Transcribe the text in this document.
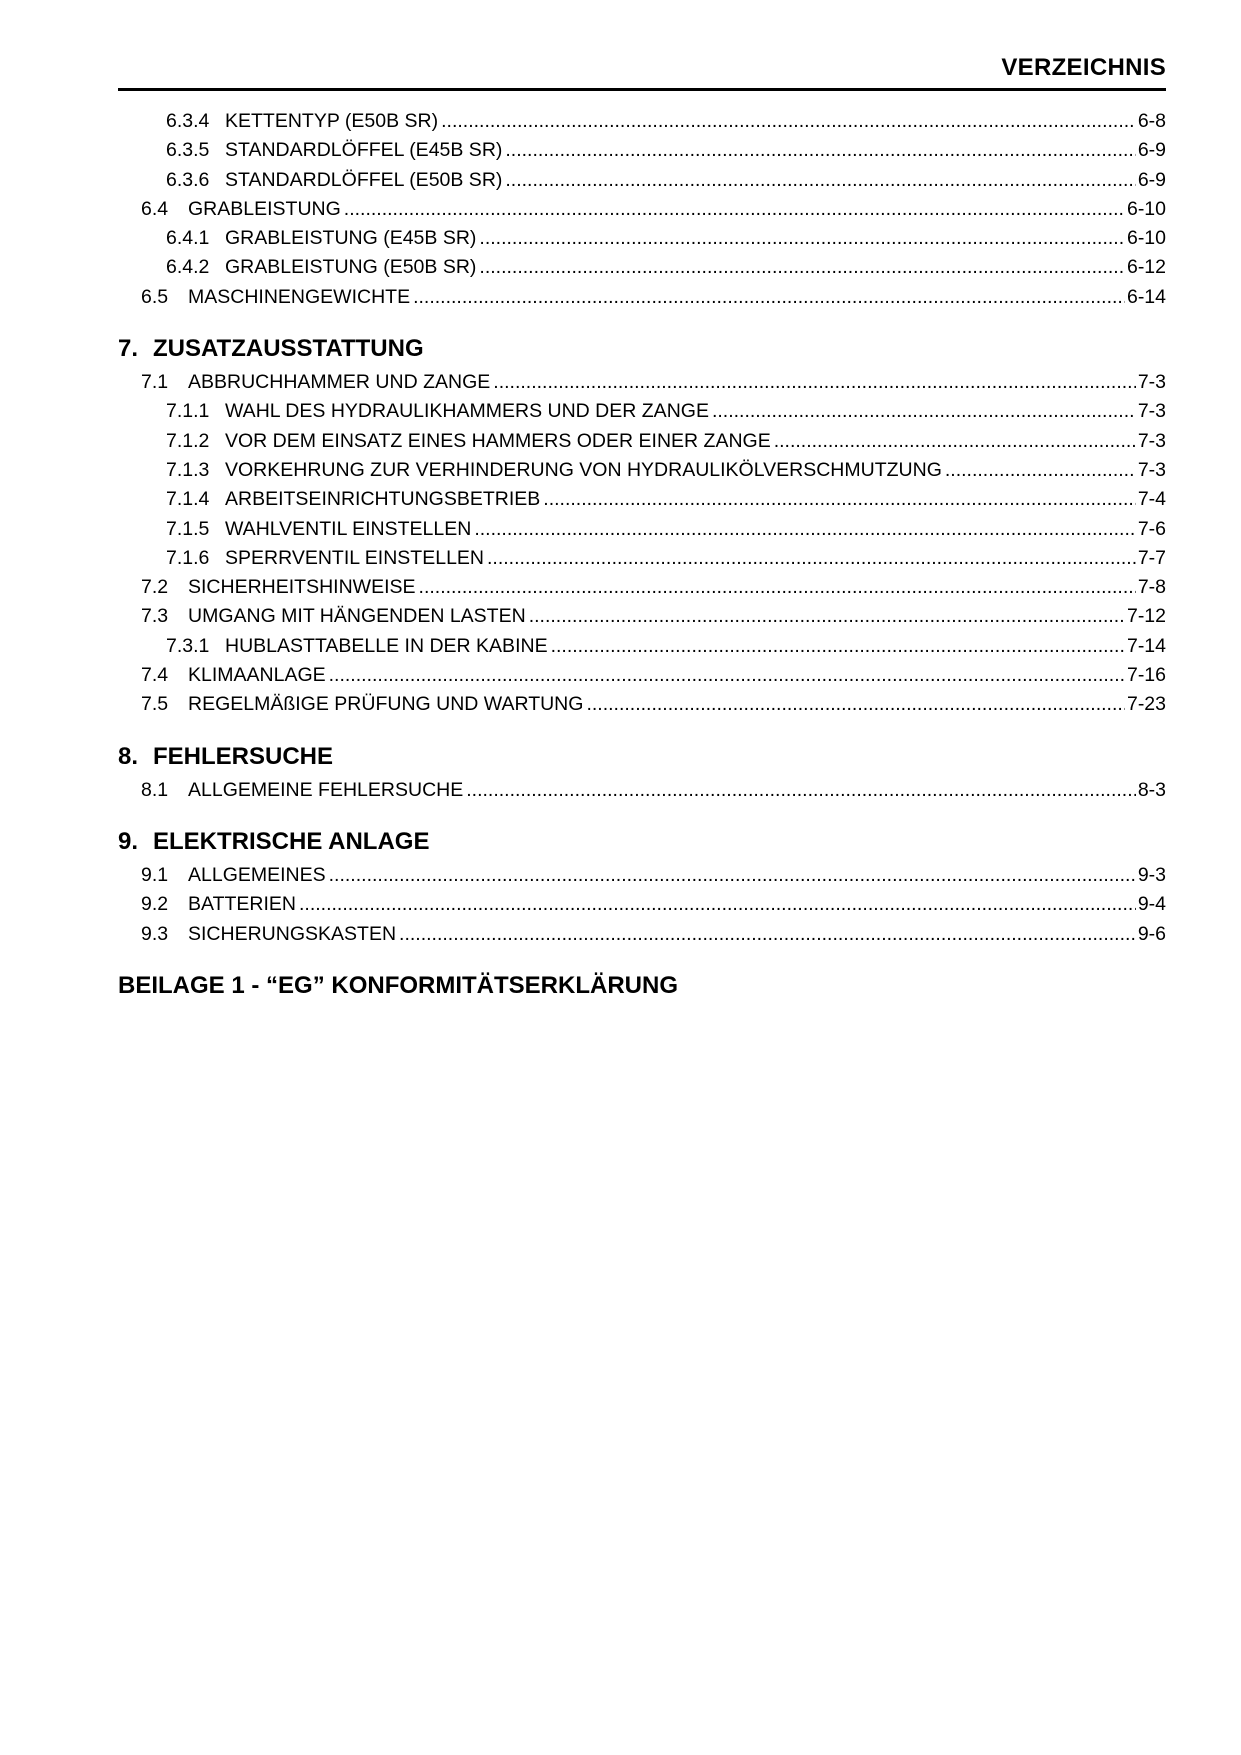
VERZEICHNIS
6.3.4 KETTENTYP (E50B SR) .....	6-8
6.3.5 STANDARDLÖFFEL (E45B SR) .....	6-9
6.3.6 STANDARDLÖFFEL (E50B SR) .....	6-9
6.4	GRABLEISTUNG .....	6-10
6.4.1 GRABLEISTUNG (E45B SR) .....	6-10
6.4.2 GRABLEISTUNG (E50B SR) .....	6-12
6.5	MASCHINENGEWICHTE .....	6-14
7. ZUSATZAUSSTATTUNG
7.1	ABBRUCHHAMMER UND ZANGE .....	7-3
7.1.1 WAHL DES HYDRAULIKHAMMERS UND DER ZANGE .....	7-3
7.1.2 VOR DEM EINSATZ EINES HAMMERS ODER EINER ZANGE .....	7-3
7.1.3 VORKEHRUNG ZUR VERHINDERUNG VON HYDRAULIKÖLVERSCHMUTZUNG .....	7-3
7.1.4 ARBEITSEINRICHTUNGSBETRIEB .....	7-4
7.1.5 WAHLVENTIL EINSTELLEN .....	7-6
7.1.6 SPERRVENTIL EINSTELLEN .....	7-7
7.2	SICHERHEITSHINWEISE .....	7-8
7.3	UMGANG MIT HÄNGENDEN LASTEN .....	7-12
7.3.1 HUBLASTTABELLE IN DER KABINE .....	7-14
7.4	KLIMAANLAGE .....	7-16
7.5	REGELMÄßIGE PRÜFUNG UND WARTUNG .....	7-23
8. FEHLERSUCHE
8.1	ALLGEMEINE FEHLERSUCHE .....	8-3
9. ELEKTRISCHE ANLAGE
9.1	ALLGEMEINES .....	9-3
9.2	BATTERIEN .....	9-4
9.3	SICHERUNGSKASTEN .....	9-6
BEILAGE 1 - “EG” KONFORMITÄTSERKLÄRUNG
